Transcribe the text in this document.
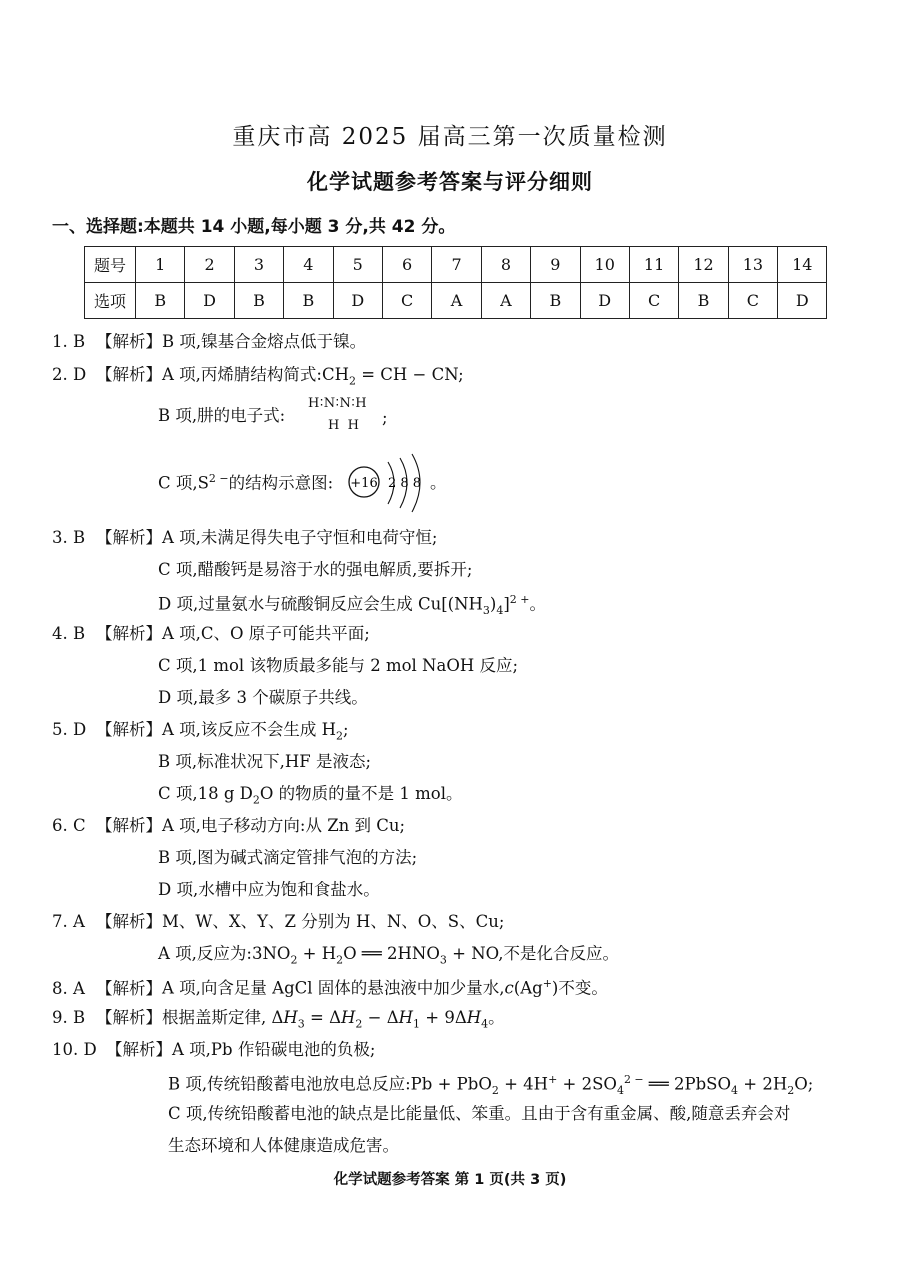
重庆市高 2025 届高三第一次质量检测
化学试题参考答案与评分细则
一、选择题:本题共 14 小题,每小题 3 分,共 42 分。
题号	1	2	3	4	5	6	7	8	9	10	11	12	13	14
选项	B	D	B	B	D	C	A	A	B	D	C	B	C	D
1. B 【解析】B 项,镍基合金熔点低于镍。
2. D 【解析】A 项,丙烯腈结构简式$:CH_2$ = CH − CN;
B 项,肼的电子式:
H∶N∶N∶H
H  H ;
C 项$,S^{2 -}$的结构示意图: +16 2 8 8 。
3. B 【解析】A 项,未满足得失电子守恒和电荷守恒;
C 项,醋酸钙是易溶于水的强电解质,要拆开;
D 项,过量氨水与硫酸铜反应会生成 $Cu[(NH_3)_4]^{2 +}$。
4. B 【解析】A 项,C、O 原子可能共平面;
C 项,1 mol 该物质最多能与 2 mol NaOH 反应;
D 项,最多 3 个碳原子共线。
5. D 【解析】A 项,该反应不会生成 $H_2$;
B 项,标准状况下,HF 是液态;
C 项,18 g $D_2O$ 的物质的量不是 1 mol。
6. C 【解析】A 项,电子移动方向:从 Zn 到 Cu;
B 项,图为碱式滴定管排气泡的方法;
D 项,水槽中应为饱和食盐水。
7. A 【解析】M、W、X、Y、Z 分别为 H、N、O、S、Cu;
A 项,反应为$:3NO_2 + H_2O$ ══ $2HNO_3$ + NO,不是化合反应。
8. A 【解析】A 项,向含足量 AgCl 固体的悬浊液中加少量水,c(Ag+)不变。
9. B 【解析】根据盖斯定律, $\Delta H_3 = \Delta H_2 - \Delta H_1 + 9\Delta H_4$。
10. D 【解析】A 项,Pb 作铅碳电池的负极;
B 项,传统铅酸蓄电池放电总反应:Pb + $PbO_2 + 4H^+ + 2SO_4^{2 -}$ ══ 2PbSO$_4$ + $2H_2O$;
C 项,传统铅酸蓄电池的缺点是比能量低、笨重。且由于含有重金属、酸,随意丢弃会对
生态环境和人体健康造成危害。
化学试题参考答案 第 1 页(共 3 页)
